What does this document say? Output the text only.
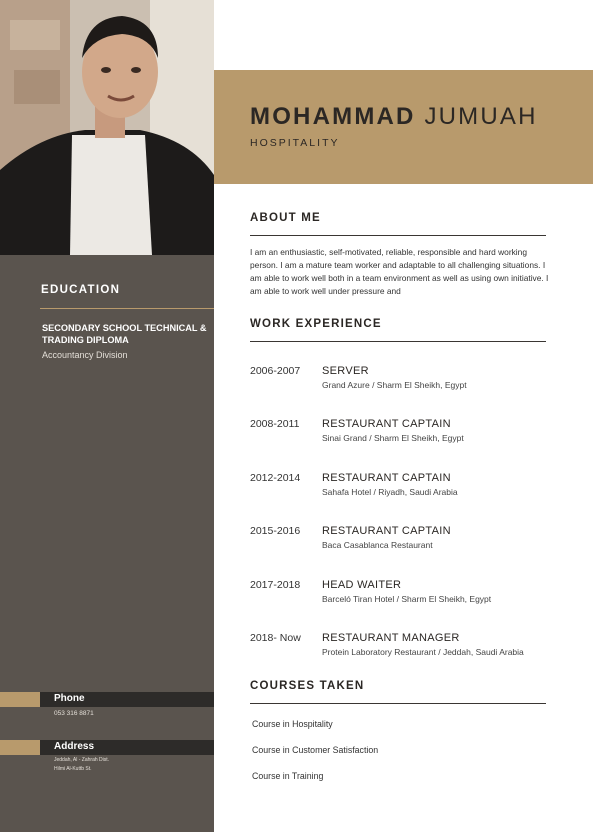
EDUCATION
SECONDARY SCHOOL TECHNICAL & TRADING DIPLOMA
Accountancy Division
Phone
053 316 8871
Address
Jeddah, Al - Zahrah Dist.
Hilmi Al-Kuttb St.
MOHAMMAD JUMUAH
HOSPITALITY
ABOUT ME
I am an enthusiastic, self-motivated, reliable, responsible and hard working person. I am a mature team worker and adaptable to all challenging situations. I am able to work well both in a team environment as well as using own initiative. I am able to work well under pressure and
WORK EXPERIENCE
2006-2007 SERVER
Grand Azure / Sharm El Sheikh, Egypt
2008-2011 RESTAURANT CAPTAIN
Sinai Grand / Sharm El Sheikh, Egypt
2012-2014 RESTAURANT CAPTAIN
Sahafa Hotel / Riyadh, Saudi Arabia
2015-2016 RESTAURANT CAPTAIN
Baca Casablanca Restaurant
2017-2018 HEAD WAITER
Barceló Tiran Hotel / Sharm El Sheikh, Egypt
2018- Now RESTAURANT MANAGER
Protein Laboratory Restaurant / Jeddah, Saudi Arabia
COURSES TAKEN
Course in Hospitality
Course in Customer Satisfaction
Course in Training
